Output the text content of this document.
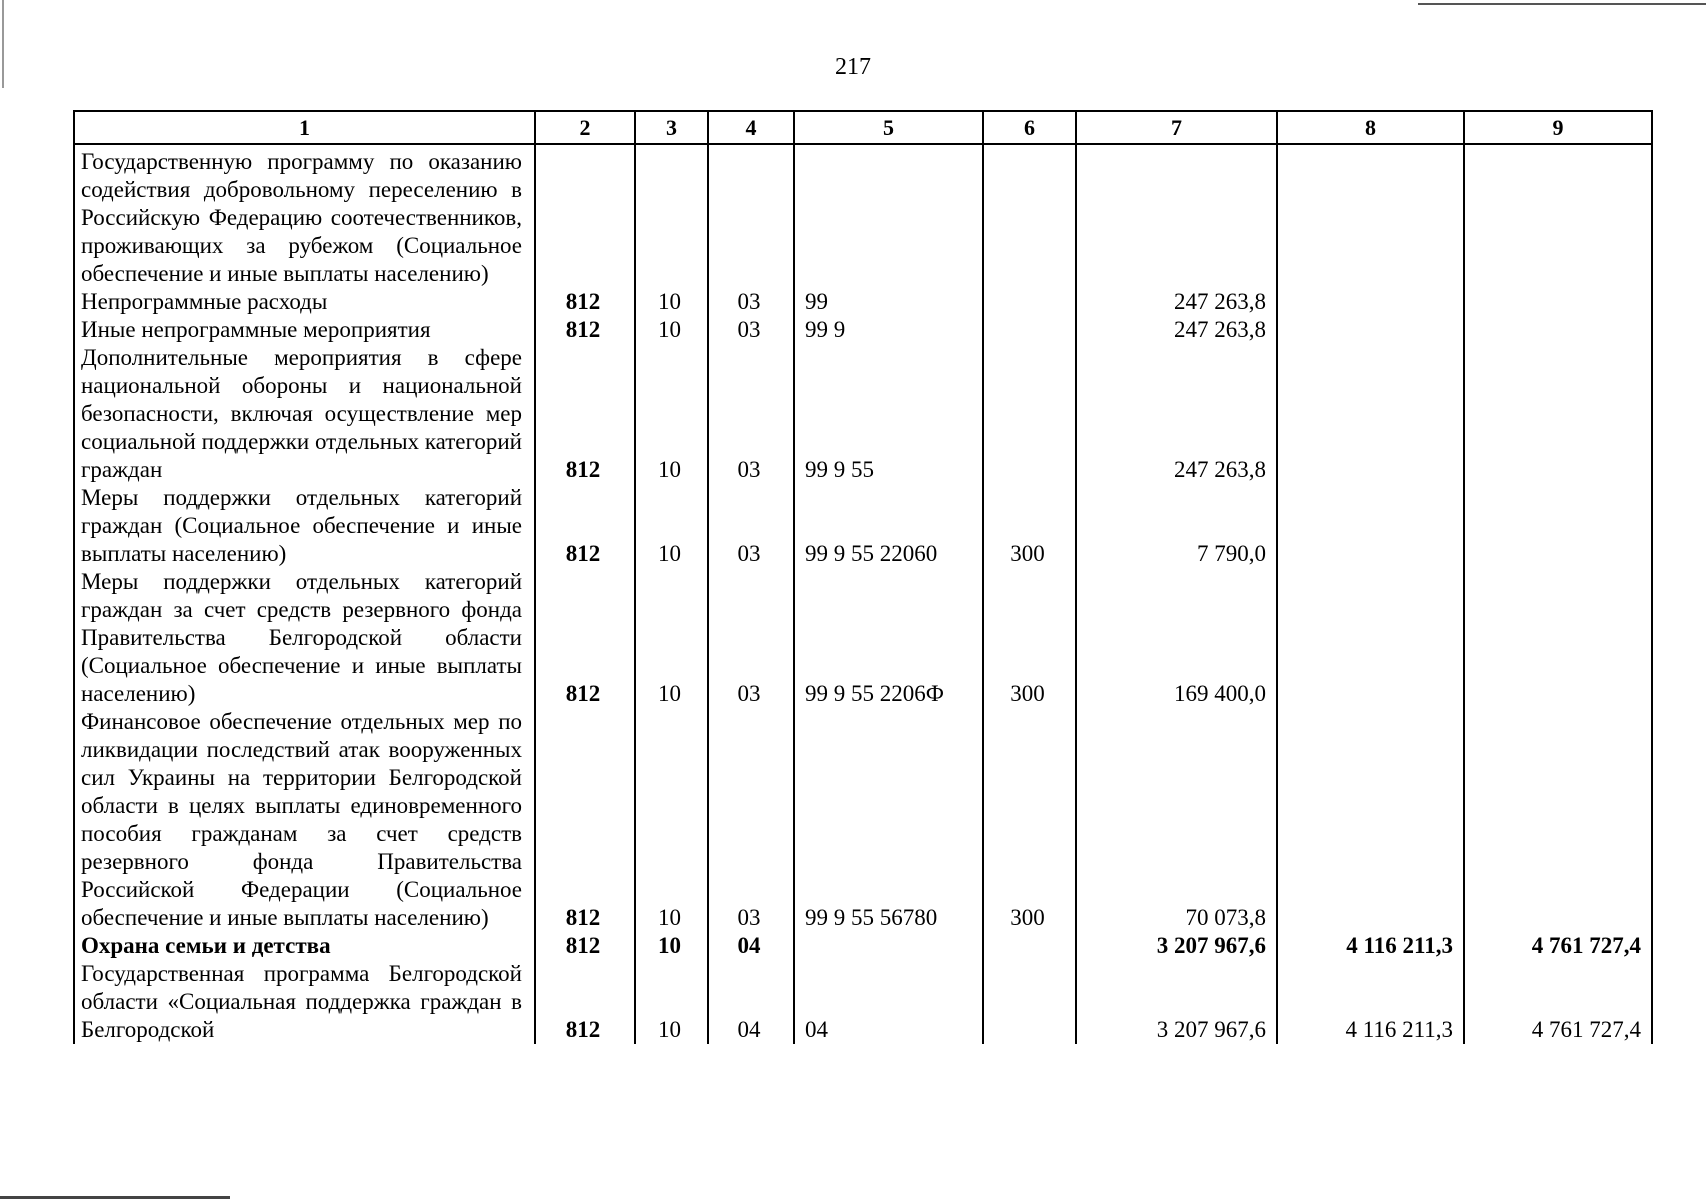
217
1	2	3	4	5	6	7	8	9
Государственную программу по оказанию содействия добровольному переселению в Российскую Федерацию соотечественников, проживающих за рубежом (Социальное обеспечение и иные выплаты населению)								
Непрограммные расходы	812	10	03	99		247 263,8		
Иные непрограммные мероприятия	812	10	03	99 9		247 263,8		
Дополнительные мероприятия в сфере национальной обороны и национальной безопасности, включая осуществление мер социальной поддержки отдельных категорий граждан	812	10	03	99 9 55		247 263,8		
Меры поддержки отдельных категорий граждан (Социальное обеспечение и иные выплаты населению)	812	10	03	99 9 55 22060	300	7 790,0		
Меры поддержки отдельных категорий граждан за счет средств резервного фонда Правительства Белгородской области (Социальное обеспечение и иные выплаты населению)	812	10	03	99 9 55 2206Ф	300	169 400,0		
Финансовое обеспечение отдельных мер по ликвидации последствий атак вооруженных сил Украины на территории Белгородской области в целях выплаты единовременного пособия гражданам за счет средств резервного фонда Правительства Российской Федерации (Социальное обеспечение и иные выплаты населению)	812	10	03	99 9 55 56780	300	70 073,8		
Охрана семьи и детства	812	10	04			3 207 967,6	4 116 211,3	4 761 727,4
Государственная программа Белгородской области «Социальная поддержка граждан в Белгородской	812	10	04	04		3 207 967,6	4 116 211,3	4 761 727,4
